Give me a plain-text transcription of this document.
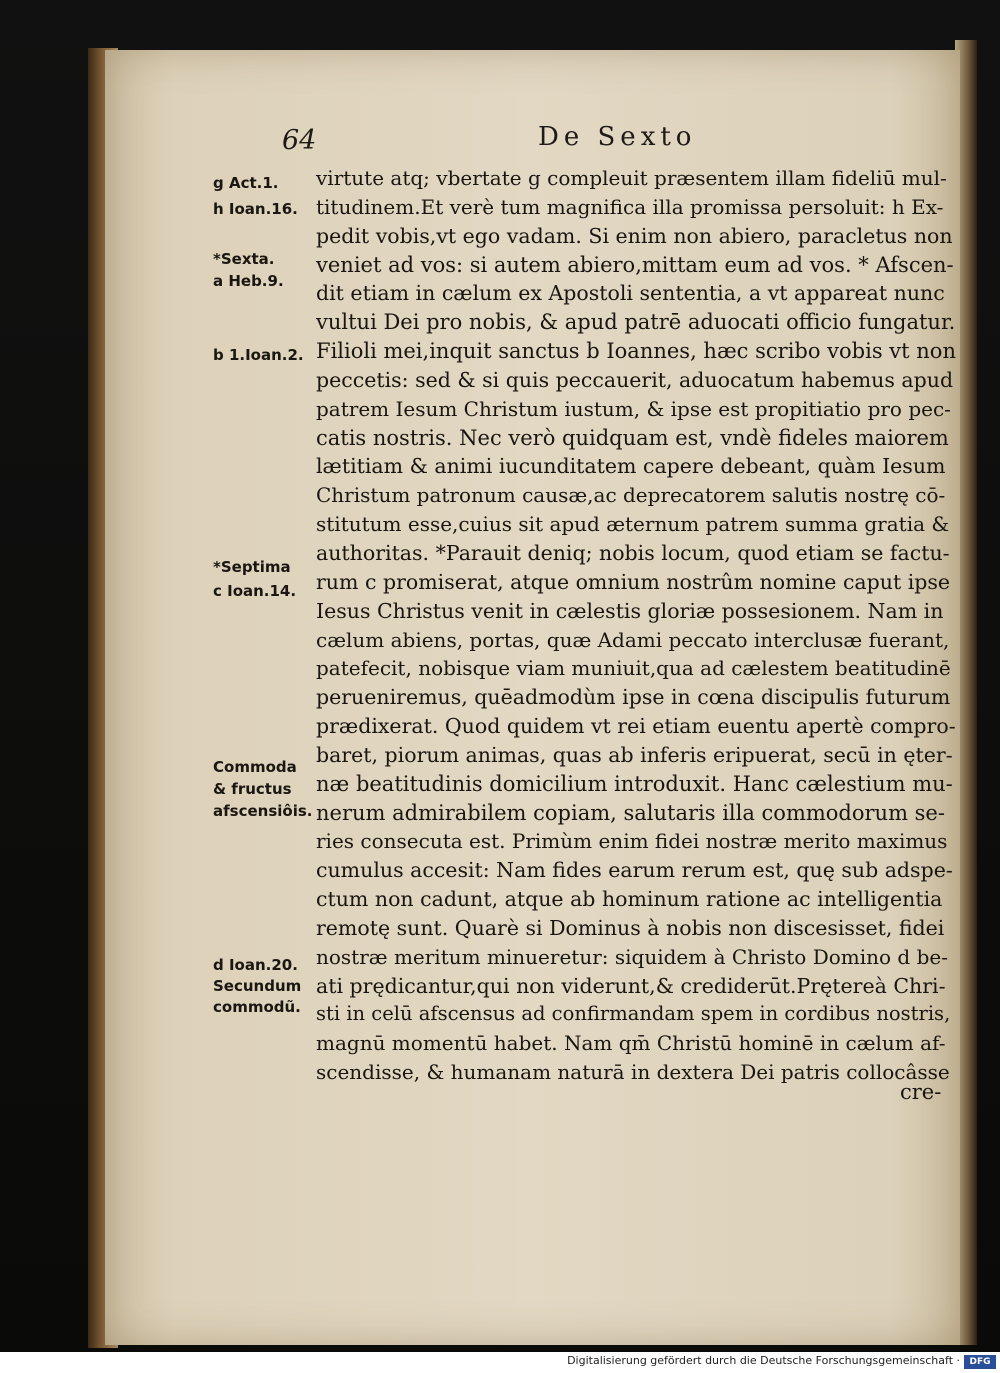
64	De Sexto
g Act.1.
h Ioan.16.
*Sexta.
a Heb.9.
b 1.Ioan.2.
*Septima
c Ioan.14.
Commoda
& fructus
afscensiôis.
d Ioan.20.
Secundum
commodũ.
virtute atq; vbertate g compleuit præsentem illam fideliū mul-
titudinem.Et verè tum magnifica illa promissa persoluit: h Ex-
pedit vobis,vt ego vadam. Si enim non abiero, paracletus non
veniet ad vos: si autem abiero,mittam eum ad vos. * Afscen-
dit etiam in cælum ex Apostoli sententia, a vt appareat nunc
vultui Dei pro nobis, & apud patrē aduocati officio fungatur.
Filioli mei,inquit sanctus b Ioannes, hæc scribo vobis vt non
peccetis: sed & si quis peccauerit, aduocatum habemus apud
patrem Iesum Christum iustum, & ipse est propitiatio pro pec-
catis nostris. Nec verò quidquam est, vndè fideles maiorem
lætitiam & animi iucunditatem capere debeant, quàm Iesum
Christum patronum causæ,ac deprecatorem salutis nostrę cō-
stitutum esse,cuius sit apud æternum patrem summa gratia &
authoritas. *Parauit deniq; nobis locum, quod etiam se factu-
rum c promiserat, atque omnium nostrûm nomine caput ipse
Iesus Christus venit in cælestis gloriæ possesionem. Nam in
cælum abiens, portas, quæ Adami peccato interclusæ fuerant,
patefecit, nobisque viam muniuit,qua ad cælestem beatitudinē
perueniremus, quēadmodùm ipse in cœna discipulis futurum
prædixerat. Quod quidem vt rei etiam euentu apertè compro-
baret, piorum animas, quas ab inferis eripuerat, secū in ęter-
næ beatitudinis domicilium introduxit. Hanc cælestium mu-
nerum admirabilem copiam, salutaris illa commodorum se-
ries consecuta est. Primùm enim fidei nostræ merito maximus
cumulus accesit: Nam fides earum rerum est, quę sub adspe-
ctum non cadunt, atque ab hominum ratione ac intelligentia
remotę sunt. Quarè si Dominus à nobis non discesisset, fidei
nostræ meritum minueretur: siquidem à Christo Domino d be-
ati prędicantur,qui non viderunt,& crediderūt.Prętereà Chri-
sti in celū afscensus ad confirmandam spem in cordibus nostris,
magnū momentū habet. Nam qm̄ Christū hominē in cælum af-
scendisse, & humanam naturā in dextera Dei patris collocâsse
cre-
Digitalisierung gefördert durch die Deutsche Forschungsgemeinschaft ·	DFG
